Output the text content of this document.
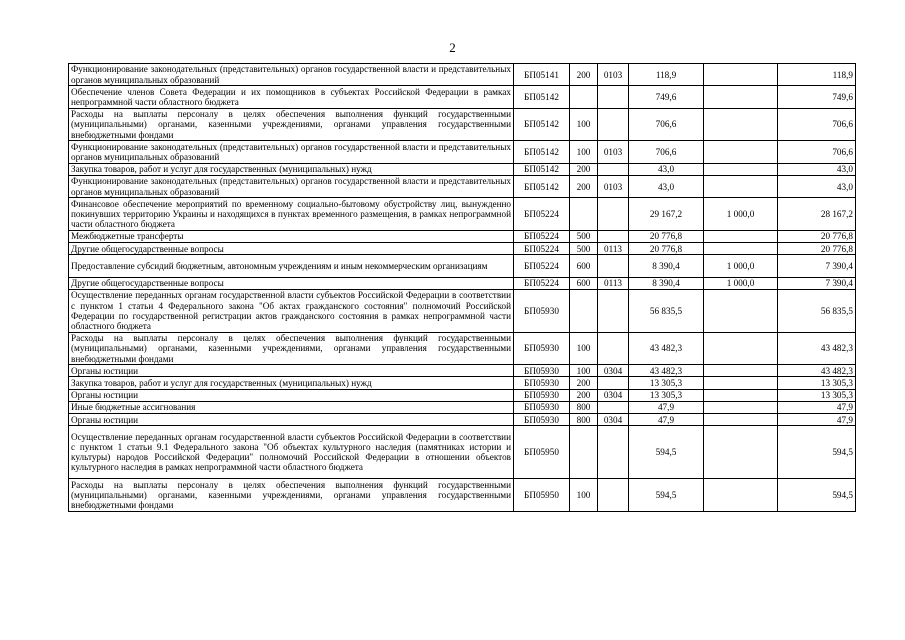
2
Функционирование законодательных (представительных) органов государственной власти и представительных органов муниципальных образований	БП05141	200	0103	118,9		118,9
Обеспечение членов Совета Федерации и их помощников в субъектах Российской Федерации в рамках непрограммной части областного бюджета	БП05142			749,6		749,6
Расходы на выплаты персоналу в целях обеспечения выполнения функций государственными (муниципальными) органами, казенными учреждениями, органами управления государственными внебюджетными фондами	БП05142	100		706,6		706,6
Функционирование законодательных (представительных) органов государственной власти и представительных органов муниципальных образований	БП05142	100	0103	706,6		706,6
Закупка товаров, работ и услуг для государственных (муниципальных) нужд	БП05142	200		43,0		43,0
Функционирование законодательных (представительных) органов государственной власти и представительных органов муниципальных образований	БП05142	200	0103	43,0		43,0
Финансовое обеспечение мероприятий по временному социально-бытовому обустройству лиц, вынужденно покинувших территорию Украины и находящихся в пунктах временного размещения, в рамках непрограммной части областного бюджета	БП05224			29 167,2	1 000,0	28 167,2
Межбюджетные трансферты	БП05224	500		20 776,8		20 776,8
Другие общегосударственные вопросы	БП05224	500	0113	20 776,8		20 776,8
Предоставление субсидий бюджетным, автономным учреждениям и иным некоммерческим организациям	БП05224	600		8 390,4	1 000,0	7 390,4
Другие общегосударственные вопросы	БП05224	600	0113	8 390,4	1 000,0	7 390,4
Осуществление переданных органам государственной власти субъектов Российской Федерации в соответствии с пунктом 1 статьи 4 Федерального закона "Об актах гражданского состояния" полномочий Российской Федерации по государственной регистрации актов гражданского состояния в рамках непрограммной части областного бюджета	БП05930			56 835,5		56 835,5
Расходы на выплаты персоналу в целях обеспечения выполнения функций государственными (муниципальными) органами, казенными учреждениями, органами управления государственными внебюджетными фондами	БП05930	100		43 482,3		43 482,3
Органы юстиции	БП05930	100	0304	43 482,3		43 482,3
Закупка товаров, работ и услуг для государственных (муниципальных) нужд	БП05930	200		13 305,3		13 305,3
Органы юстиции	БП05930	200	0304	13 305,3		13 305,3
Иные бюджетные ассигнования	БП05930	800		47,9		47,9
Органы юстиции	БП05930	800	0304	47,9		47,9
Осуществление переданных органам государственной власти субъектов Российской Федерации в соответствии с пунктом 1 статьи 9.1 Федерального закона "Об объектах культурного наследия (памятниках истории и культуры) народов Российской Федерации" полномочий Российской Федерации в отношении объектов культурного наследия в рамках непрограммной части областного бюджета	БП05950			594,5		594,5
Расходы на выплаты персоналу в целях обеспечения выполнения функций государственными (муниципальными) органами, казенными учреждениями, органами управления государственными внебюджетными фондами	БП05950	100		594,5		594,5
